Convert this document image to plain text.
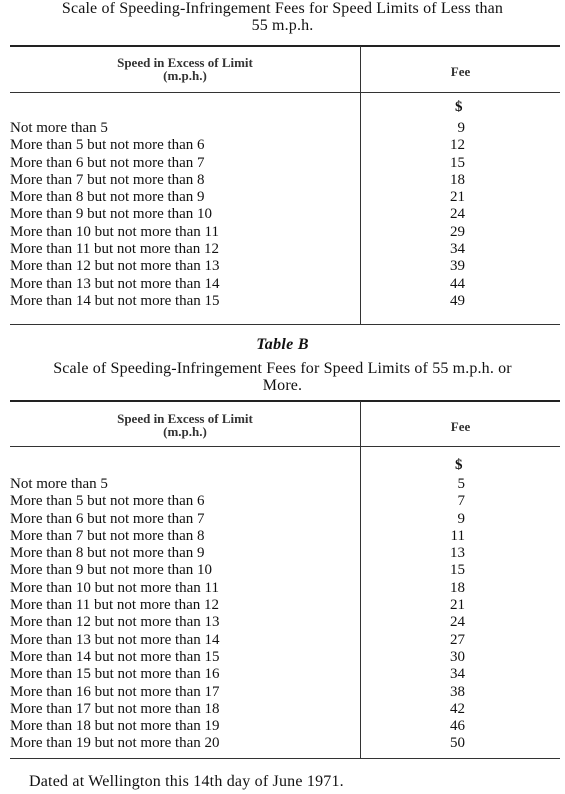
Scale of Speeding-Infringement Fees for Speed Limits of Less than
55 m.p.h.
Speed in Excess of Limit
(m.p.h.)	Fee
$
Not more than 5	9
More than 5 but not more than 6	12
More than 6 but not more than 7	15
More than 7 but not more than 8	18
More than 8 but not more than 9	21
More than 9 but not more than 10	24
More than 10 but not more than 11	29
More than 11 but not more than 12	34
More than 12 but not more than 13	39
More than 13 but not more than 14	44
More than 14 but not more than 15	49
Table B
Scale of Speeding-Infringement Fees for Speed Limits of 55 m.p.h. or
More.
Speed in Excess of Limit
(m.p.h.)	Fee
$
Not more than 5	5
More than 5 but not more than 6	7
More than 6 but not more than 7	9
More than 7 but not more than 8	11
More than 8 but not more than 9	13
More than 9 but not more than 10	15
More than 10 but not more than 11	18
More than 11 but not more than 12	21
More than 12 but not more than 13	24
More than 13 but not more than 14	27
More than 14 but not more than 15	30
More than 15 but not more than 16	34
More than 16 but not more than 17	38
More than 17 but not more than 18	42
More than 18 but not more than 19	46
More than 19 but not more than 20	50
Dated at Wellington this 14th day of June 1971.
